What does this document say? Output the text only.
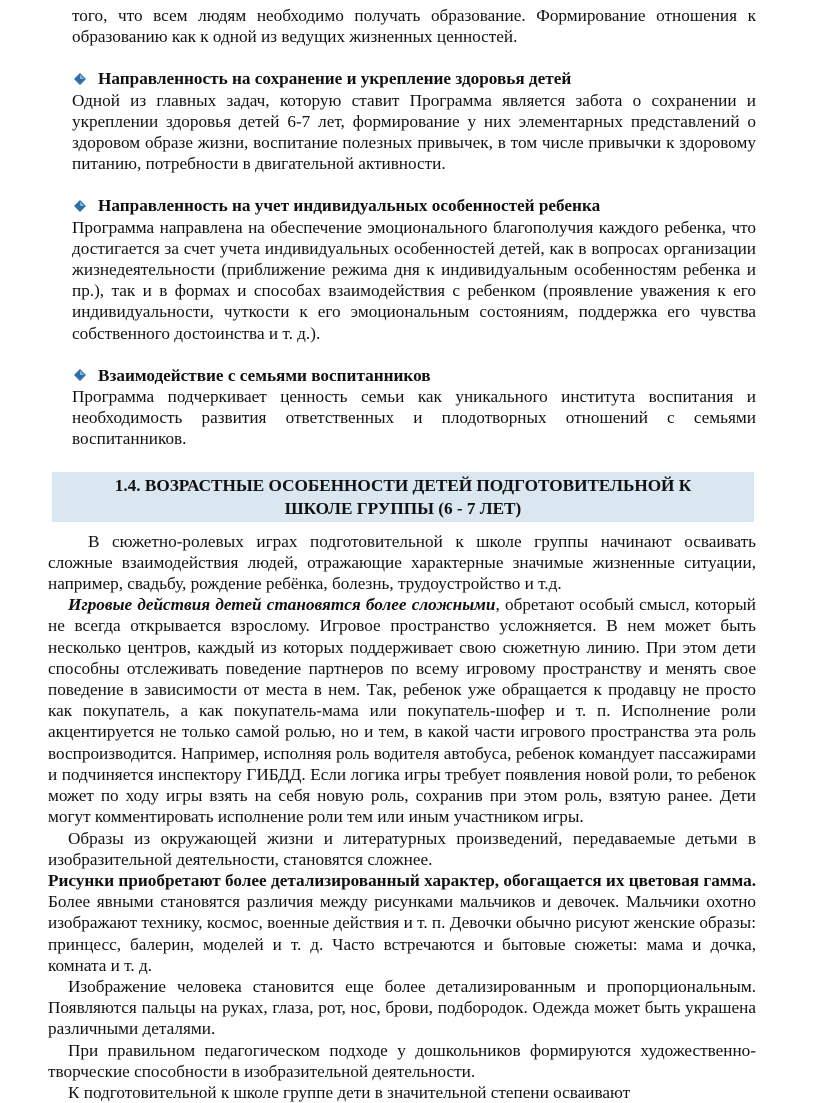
того, что всем людям необходимо получать образование. Формирование отношения к образованию как к одной из ведущих жизненных ценностей.

Направленность на сохранение и укрепление здоровья детей

Одной из главных задач, которую ставит Программа является забота о сохранении и укреплении здоровья детей 6-7 лет, формирование у них элементарных представлений о здоровом образе жизни, воспитание полезных привычек, в том числе привычки к здоровому питанию, потребности в двигательной активности.

Направленность на учет индивидуальных особенностей ребенка

Программа направлена на обеспечение эмоционального благополучия каждого ребенка, что достигается за счет учета индивидуальных особенностей детей, как в вопросах организации жизнедеятельности (приближение режима дня к индивидуальным особенностям ребенка и пр.), так и в формах и способах взаимодействия с ребенком (проявление уважения к его индивидуальности, чуткости к его эмоциональным состояниям, поддержка его чувства собственного достоинства и т. д.).

Взаимодействие с семьями воспитанников

Программа подчеркивает ценность семьи как уникального института воспитания и необходимость развития ответственных и плодотворных отношений с семьями воспитанников.

1.4. ВОЗРАСТНЫЕ ОСОБЕННОСТИ ДЕТЕЙ ПОДГОТОВИТЕЛЬНОЙ К
ШКОЛЕ ГРУППЫ (6 - 7 ЛЕТ)

В сюжетно-ролевых играх подготовительной к школе группы начинают осваивать сложные взаимодействия людей, отражающие характерные значимые жизненные ситуации, например, свадьбу, рождение ребёнка, болезнь, трудоустройство и т.д.

Игровые действия детей становятся более сложными, обретают особый смысл, который не всегда открывается взрослому. Игровое пространство усложняется. В нем может быть несколько центров, каждый из которых поддерживает свою сюжетную линию. При этом дети способны отслеживать поведение партнеров по всему игровому пространству и менять свое поведение в зависимости от места в нем. Так, ребенок уже обращается к продавцу не просто как покупатель, а как покупатель-мама или покупатель-шофер и т. п. Исполнение роли акцентируется не только самой ролью, но и тем, в какой части игрового пространства эта роль воспроизводится. Например, исполняя роль водителя автобуса, ребенок командует пассажирами и подчиняется инспектору ГИБДД. Если логика игры требует появления новой роли, то ребенок может по ходу игры взять на себя новую роль, сохранив при этом роль, взятую ранее. Дети могут комментировать исполнение роли тем или иным участником игры.

Образы из окружающей жизни и литературных произведений, передаваемые детьми в изобразительной деятельности, становятся сложнее.

Рисунки приобретают более детализированный характер, обогащается их цветовая гамма. Более явными становятся различия между рисунками мальчиков и девочек. Мальчики охотно изображают технику, космос, военные действия и т. п. Девочки обычно рисуют женские образы: принцесс, балерин, моделей и т. д. Часто встречаются и бытовые сюжеты: мама и дочка, комната и т. д.

Изображение человека становится еще более детализированным и пропорциональным. Появляются пальцы на руках, глаза, рот, нос, брови, подбородок. Одежда может быть украшена различными деталями.

При правильном педагогическом подходе у дошкольников формируются художественно-творческие способности в изобразительной деятельности.

К подготовительной к школе группе дети в значительной степени осваивают
